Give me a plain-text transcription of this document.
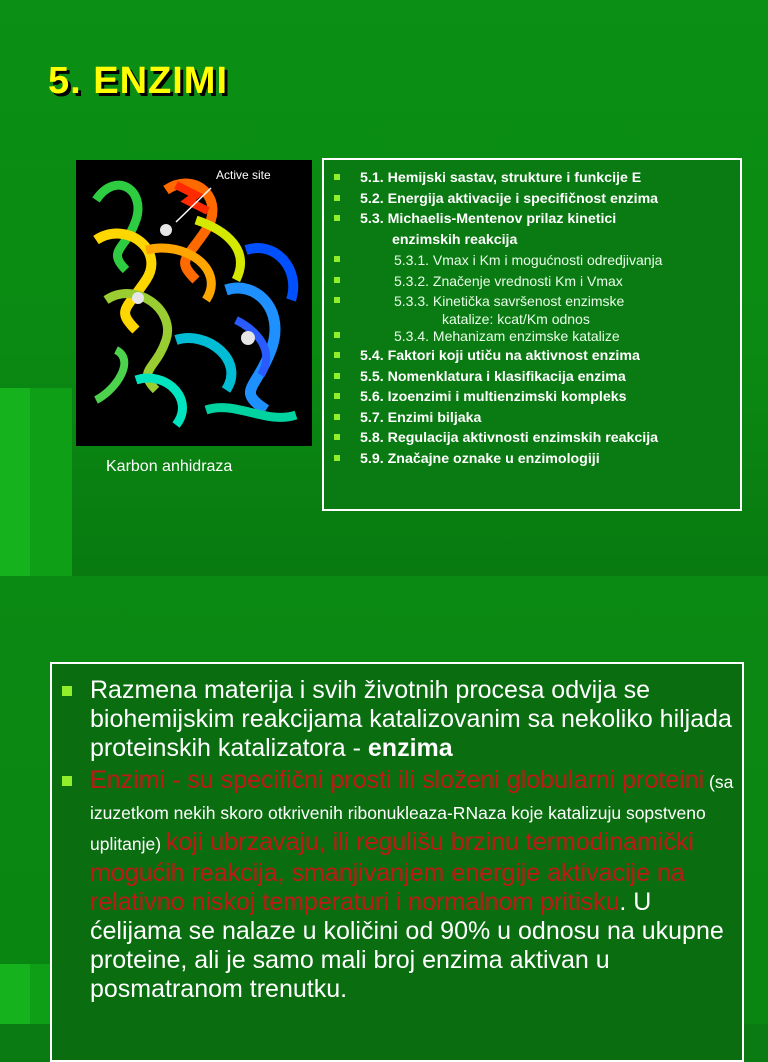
5. ENZIMI
Active site
Karbon anhidraza
5.1. Hemijski sastav, strukture i funkcije E
5.2. Energija aktivacije i specifičnost enzima
5.3. Michaelis-Mentenov prilaz kinetici
enzimskih reakcija
5.3.1. Vmax i Km i mogućnosti odredjivanja
5.3.2. Značenje vrednosti Km i Vmax
5.3.3. Kinetička savršenost enzimske
katalize: kcat/Km odnos
5.3.4. Mehanizam enzimske katalize
5.4. Faktori koji utiču na aktivnost enzima
5.5. Nomenklatura i klasifikacija enzima
5.6. Izoenzimi i multienzimski kompleks
5.7. Enzimi biljaka
5.8. Regulacija aktivnosti enzimskih reakcija
5.9. Značajne oznake u enzimologiji
Razmena materija i svih životnih procesa odvija se biohemijskim reakcijama katalizovanim sa nekoliko hiljada proteinskih katalizatora - enzima
Enzimi - su specifični prosti ili složeni globularni proteini (sa izuzetkom nekih skoro otkrivenih ribonukleaza-RNaza koje katalizuju sopstveno uplitanje) koji ubrzavaju, ili regulišu brzinu termodinamički mogućih reakcija, smanjivanjem energije aktivacije na relativno niskoj temperaturi i normalnom pritisku. U ćelijama se nalaze u količini od 90% u odnosu na ukupne proteine, ali je samo mali broj enzima aktivan u posmatranom trenutku.
